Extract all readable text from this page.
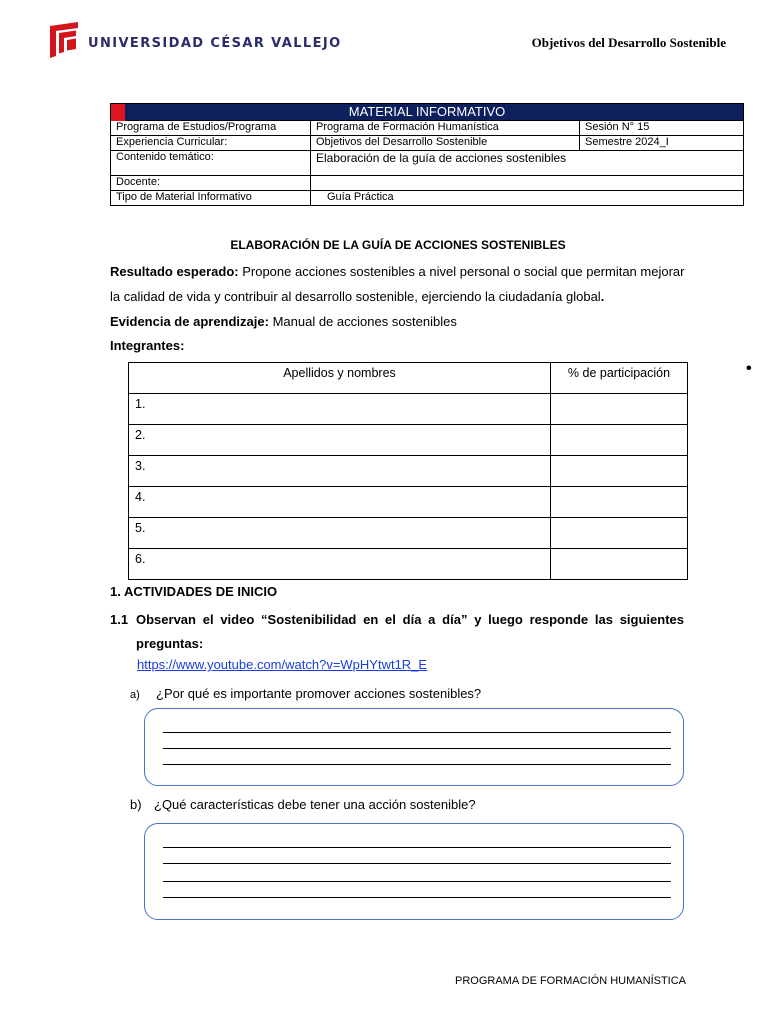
UNIVERSIDAD CÉSAR VALLEJO	Objetivos del Desarrollo Sostenible
MATERIAL INFORMATIVO		
Programa de Estudios/Programa	Programa de Formación Humanística	Sesión N° 15
Experiencia Curricular:	Objetivos del Desarrollo Sostenible	Semestre 2024_I
Contenido temático:	Elaboración de la guía de acciones sostenibles	
Docente:		
Tipo de Material Informativo	Guía Práctica	
ELABORACIÓN DE LA GUÍA DE ACCIONES SOSTENIBLES
Resultado esperado: Propone acciones sostenibles a nivel personal o social que permitan mejorar
la calidad de vida y contribuir al desarrollo sostenible, ejerciendo la ciudadanía global.
Evidencia de aprendizaje: Manual de acciones sostenibles
Integrantes:
Apellidos y nombres	% de participación
1.	
2.	
3.	
4.	
5.	
6.	
•
1. ACTIVIDADES DE INICIO
1.1 Observan el video “Sostenibilidad en el día a día” y luego responde las siguientes
preguntas:
https://www.youtube.com/watch?v=WpHYtwt1R_E
a) ¿Por qué es importante promover acciones sostenibles?
b) ¿Qué características debe tener una acción sostenible?
PROGRAMA DE FORMACIÓN HUMANÍSTICA
